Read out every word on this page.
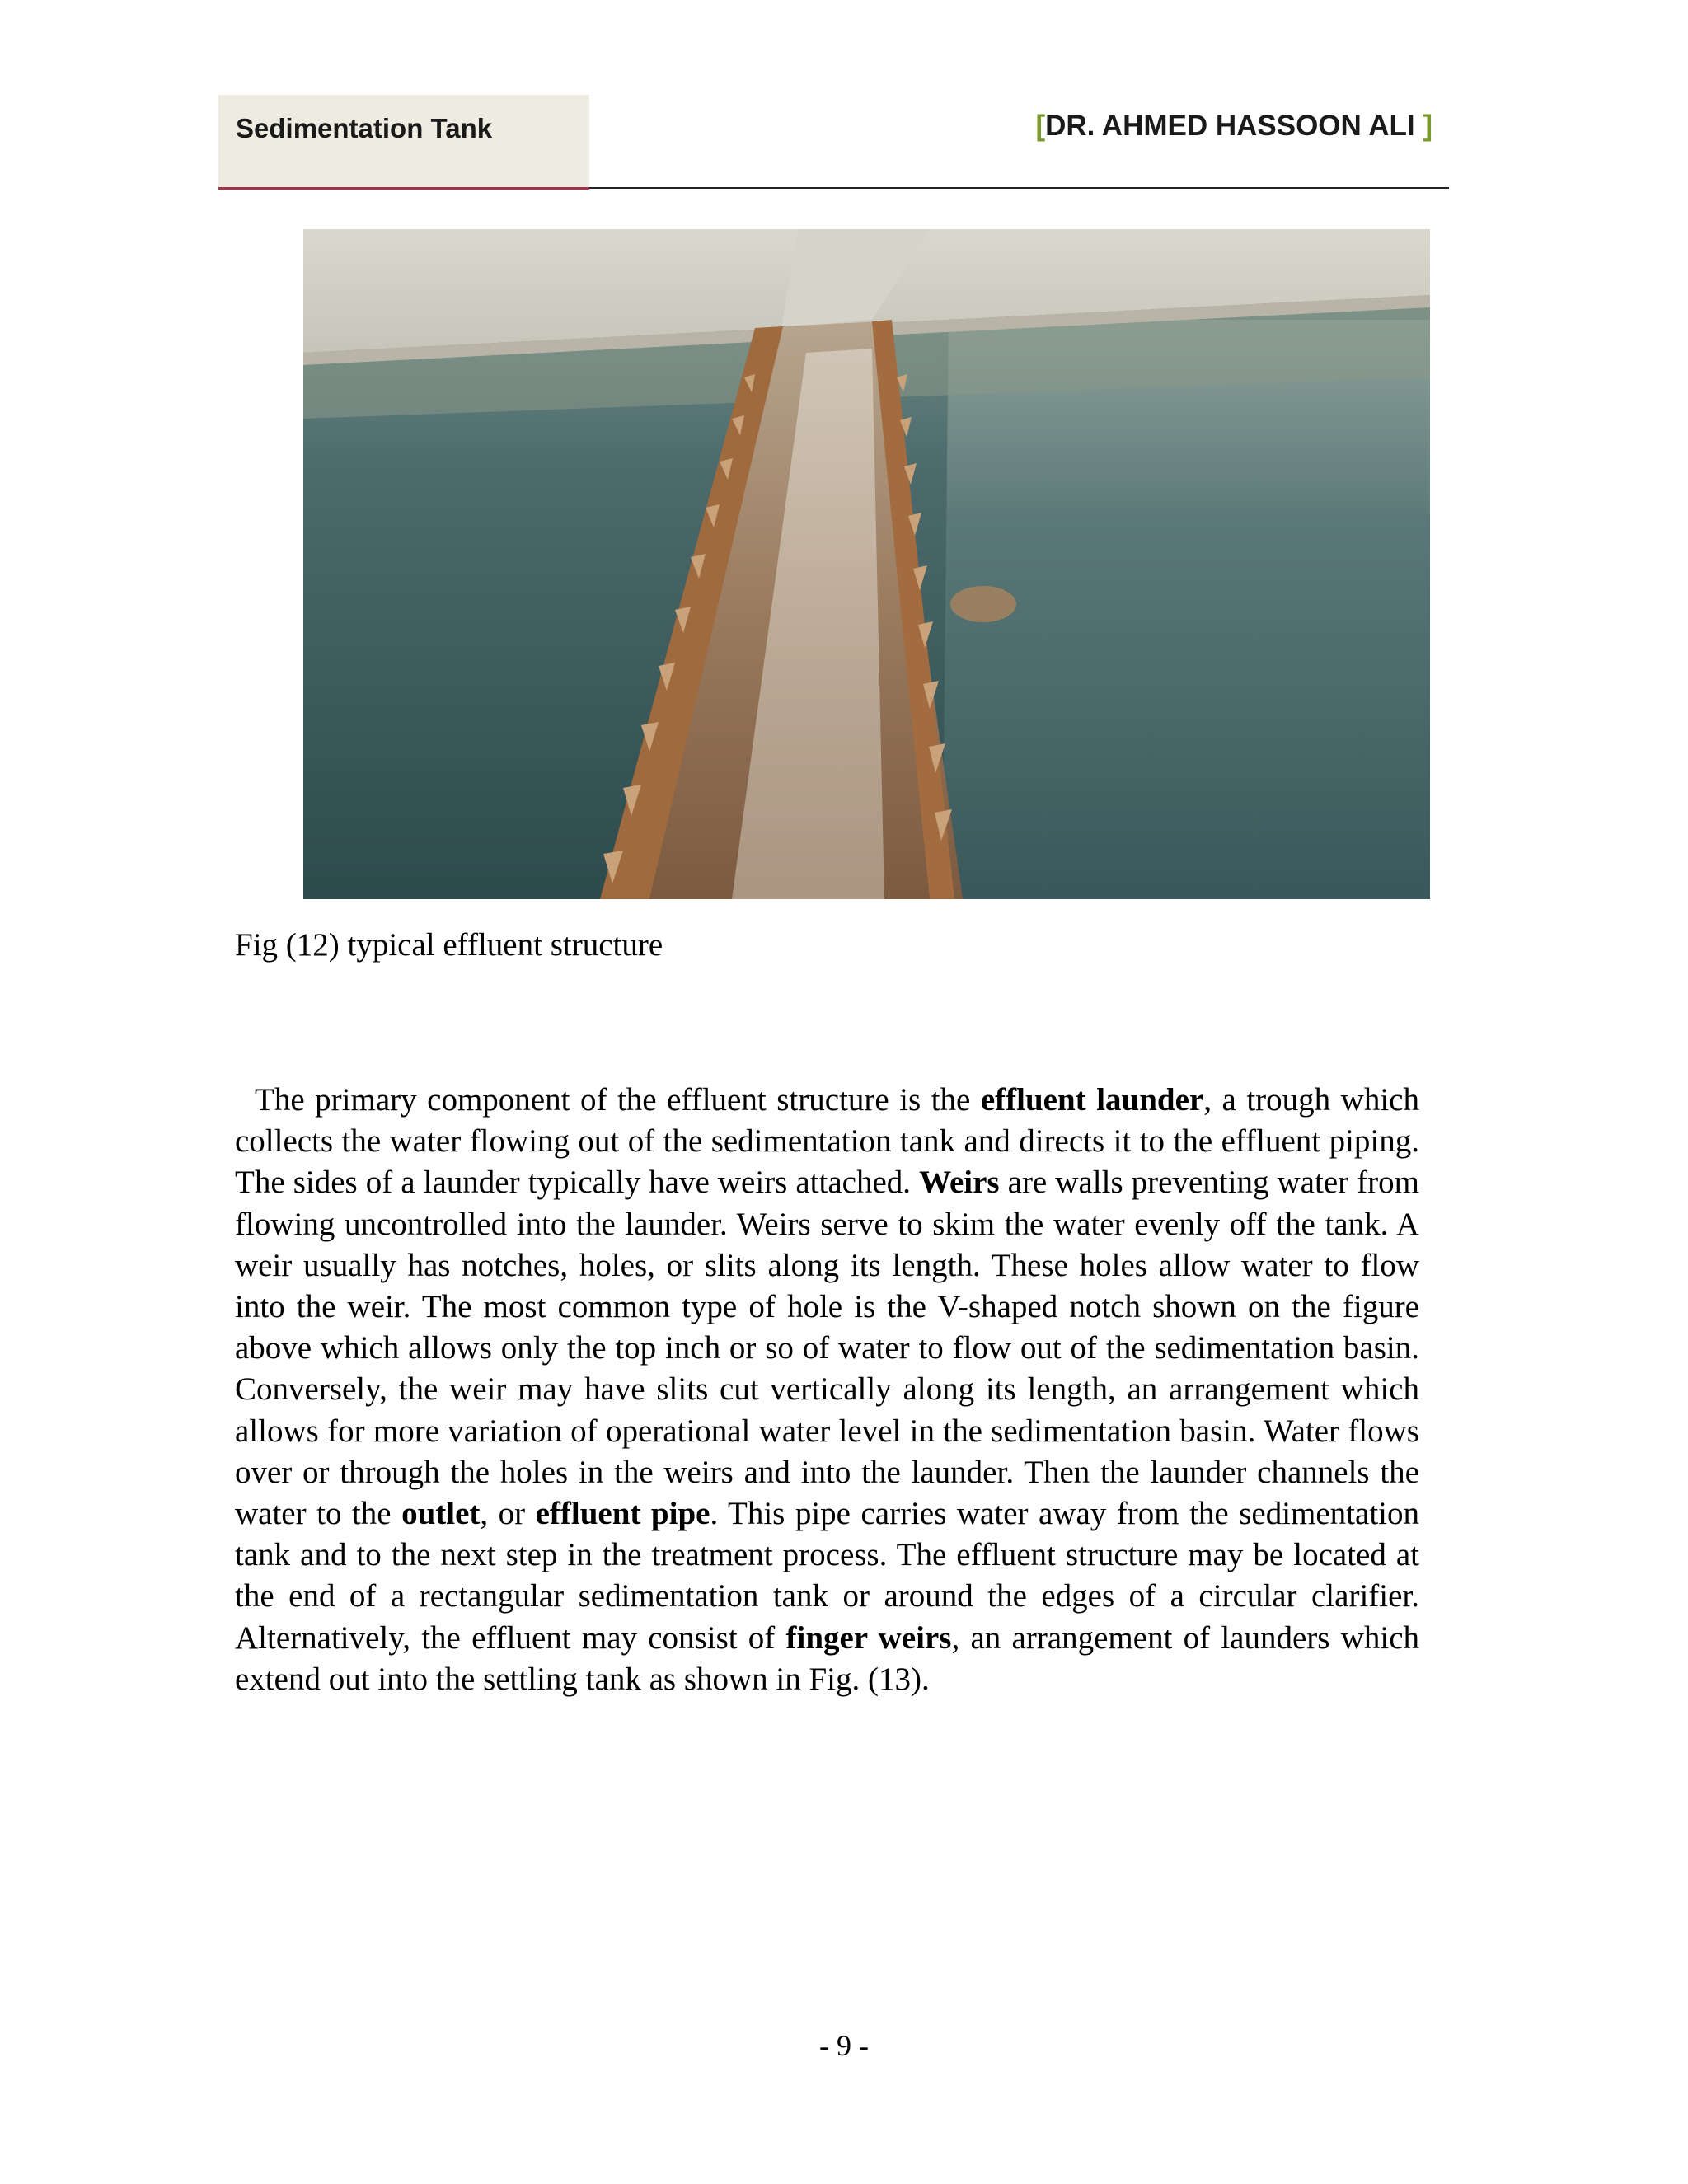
Sedimentation Tank	[DR. AHMED HASSOON ALI ]
Fig (12) typical effluent structure

The primary component of the effluent structure is the effluent launder, a trough which collects the water flowing out of the sedimentation tank and directs it to the effluent piping. The sides of a launder typically have weirs attached. Weirs are walls preventing water from flowing uncontrolled into the launder. Weirs serve to skim the water evenly off the tank. A weir usually has notches, holes, or slits along its length. These holes allow water to flow into the weir. The most common type of hole is the V-shaped notch shown on the figure above which allows only the top inch or so of water to flow out of the sedimentation basin. Conversely, the weir may have slits cut vertically along its length, an arrangement which allows for more variation of operational water level in the sedimentation basin. Water flows over or through the holes in the weirs and into the launder. Then the launder channels the water to the outlet, or effluent pipe. This pipe carries water away from the sedimentation tank and to the next step in the treatment process. The effluent structure may be located at the end of a rectangular sedimentation tank or around the edges of a circular clarifier. Alternatively, the effluent may consist of finger weirs, an arrangement of launders which extend out into the settling tank as shown in Fig. (13).

- 9 -
